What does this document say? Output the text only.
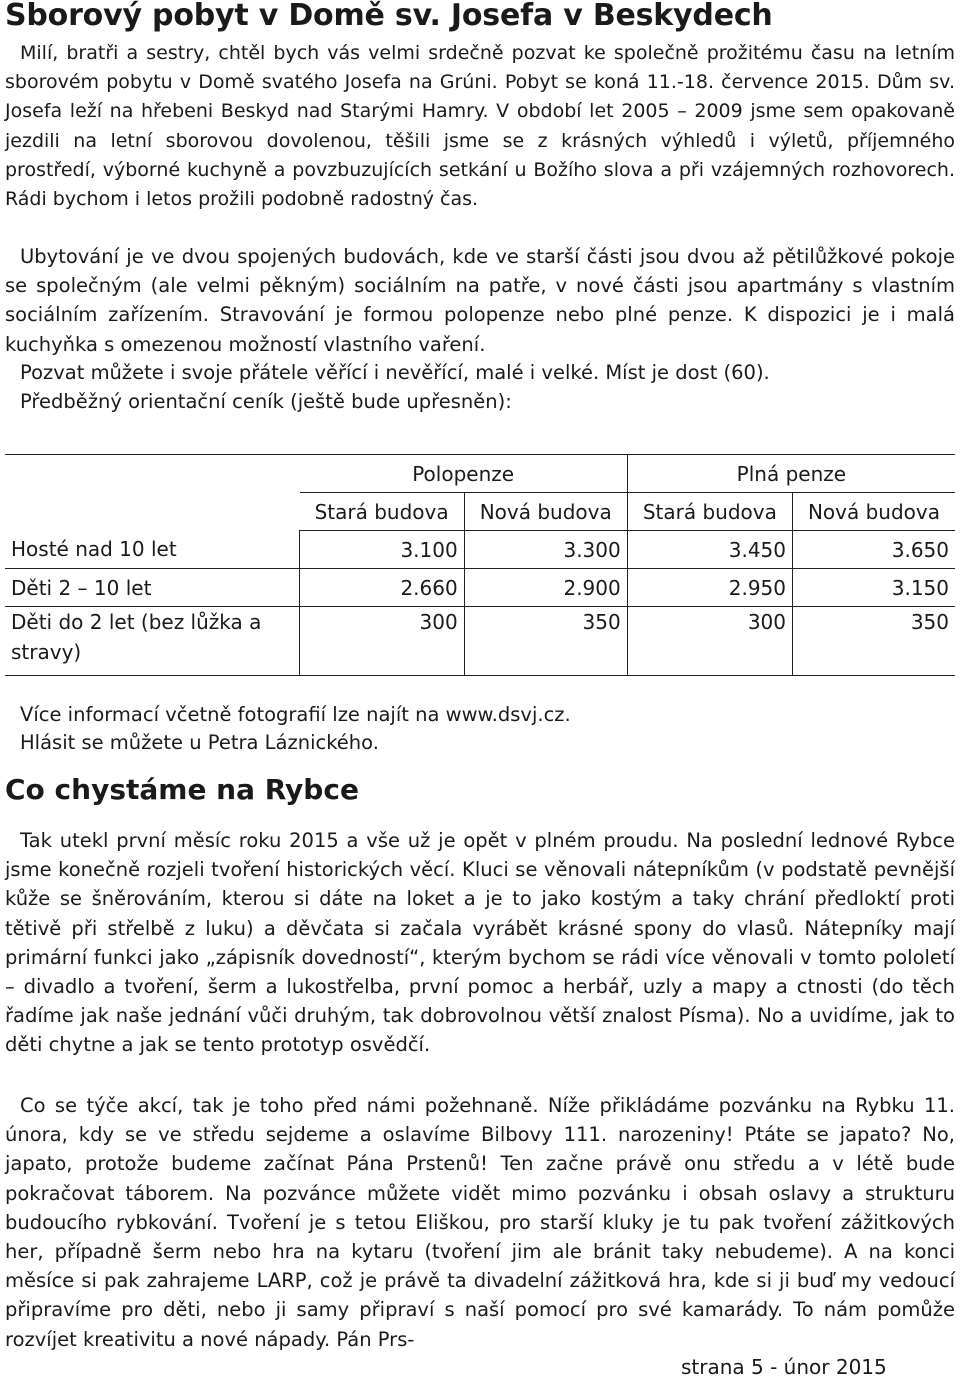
Sborový pobyt v Domě sv. Josefa v Beskydech

Milí, bratři a sestry, chtěl bych vás velmi srdečně pozvat ke společně prožitému času na letním sborovém pobytu v Domě svatého Josefa na Grúni. Pobyt se koná 11.-18. července 2015. Dům sv. Josefa leží na hřebeni Beskyd nad Starými Hamry. V období let 2005 – 2009 jsme sem opakovaně jezdili na letní sborovou dovolenou, těšili jsme se z krásných výhledů i výletů, příjemného prostředí, výborné kuchyně a povzbuzujících setkání u Božího slova a při vzájemných rozhovorech. Rádi bychom i letos prožili podobně radostný čas.

Ubytování je ve dvou spojených budovách, kde ve starší části jsou dvou až pětilůžkové pokoje se společným (ale velmi pěkným) sociálním na patře, v nové části jsou apartmány s vlastním sociálním zařízením. Stravování je formou polopenze nebo plné penze. K dispozici je i malá kuchyňka s omezenou možností vlastního vaření.

Pozvat můžete i svoje přátele věřící i nevěřící, malé i velké. Míst je dost (60).
Předběžný orientační ceník (ještě bude upřesněn):
	Polopenze		Plná penze	
	Stará budova	Nová budova	Stará budova	Nová budova
Hosté nad 10 let	3.100	3.300	3.450	3.650
Děti 2 – 10 let	2.660	2.900	2.950	3.150
Děti do 2 let (bez lůžka a stravy)	300	350	300	350
Více informací včetně fotografií lze najít na www.dsvj.cz.
Hlásit se můžete u Petra Láznického.
Co chystáme na Rybce

Tak utekl první měsíc roku 2015 a vše už je opět v plném proudu. Na poslední lednové Rybce jsme konečně rozjeli tvoření historických věcí. Kluci se věnovali nátepníkům (v podstatě pevnější kůže se šněrováním, kterou si dáte na loket a je to jako kostým a taky chrání předloktí proti tětivě při střelbě z luku) a děvčata si začala vyrábět krásné spony do vlasů. Nátepníky mají primární funkci jako „zápisník dovedností“, kterým bychom se rádi více věnovali v tomto pololetí – divadlo a tvoření, šerm a lukostřelba, první pomoc a herbář, uzly a mapy a ctnosti (do těch řadíme jak naše jednání vůči druhým, tak dobrovolnou větší znalost Písma). No a uvidíme, jak to děti chytne a jak se tento prototyp osvědčí.

Co se týče akcí, tak je toho před námi požehnaně. Níže přikládáme pozvánku na Rybku 11. února, kdy se ve středu sejdeme a oslavíme Bilbovy 111. narozeniny! Ptáte se japato? No, japato, protože budeme začínat Pána Prstenů! Ten začne právě onu středu a v létě bude pokračovat táborem. Na pozvánce můžete vidět mimo pozvánku i obsah oslavy a strukturu budoucího rybkování. Tvoření je s tetou Eliškou, pro starší kluky je tu pak tvoření zážitkových her, případně šerm nebo hra na kytaru (tvoření jim ale bránit taky nebudeme). A na konci měsíce si pak zahrajeme LARP, což je právě ta divadelní zážitková hra, kde si ji buď my vedoucí připravíme pro děti, nebo ji samy připraví s naší pomocí pro své kamarády. To nám pomůže rozvíjet kreativitu a nové nápady. Pán Prs-

strana 5 - únor 2015
